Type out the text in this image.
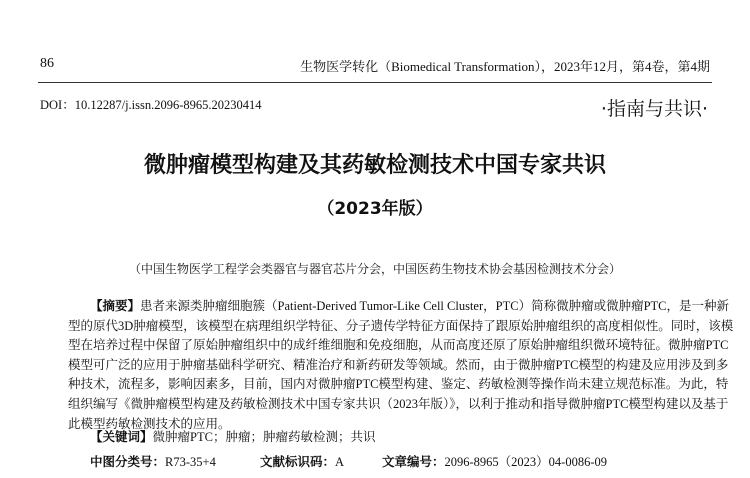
86	生物医学转化（Biomedical Transformation），2023年12月，第4卷，第4期
DOI：10.12287/j.issn.2096-8965.20230414	·指南与共识·
微肿瘤模型构建及其药敏检测技术中国专家共识
（2023年版）
（中国生物医学工程学会类器官与器官芯片分会，中国医药生物技术协会基因检测技术分会）
【摘要】患者来源类肿瘤细胞簇（Patient-Derived Tumor-Like Cell Cluster，PTC）简称微肿瘤或微肿瘤PTC，是一种新
型的原代3D肿瘤模型，该模型在病理组织学特征、分子遗传学特征方面保持了跟原始肿瘤组织的高度相似性。同时，该模
型在培养过程中保留了原始肿瘤组织中的成纤维细胞和免疫细胞，从而高度还原了原始肿瘤组织微环境特征。微肿瘤PTC
模型可广泛的应用于肿瘤基础科学研究、精准治疗和新药研发等领域。然而，由于微肿瘤PTC模型的构建及应用涉及到多
种技术，流程多，影响因素多，目前，国内对微肿瘤PTC模型构建、鉴定、药敏检测等操作尚未建立规范标准。为此，特
组织编写《微肿瘤模型构建及药敏检测技术中国专家共识（2023年版）》，以利于推动和指导微肿瘤PTC模型构建以及基于
此模型药敏检测技术的应用。
【关键词】微肿瘤PTC；肿瘤；肿瘤药敏检测；共识
中图分类号：R73-35+4	文献标识码：A	文章编号：2096-8965（2023）04-0086-09
